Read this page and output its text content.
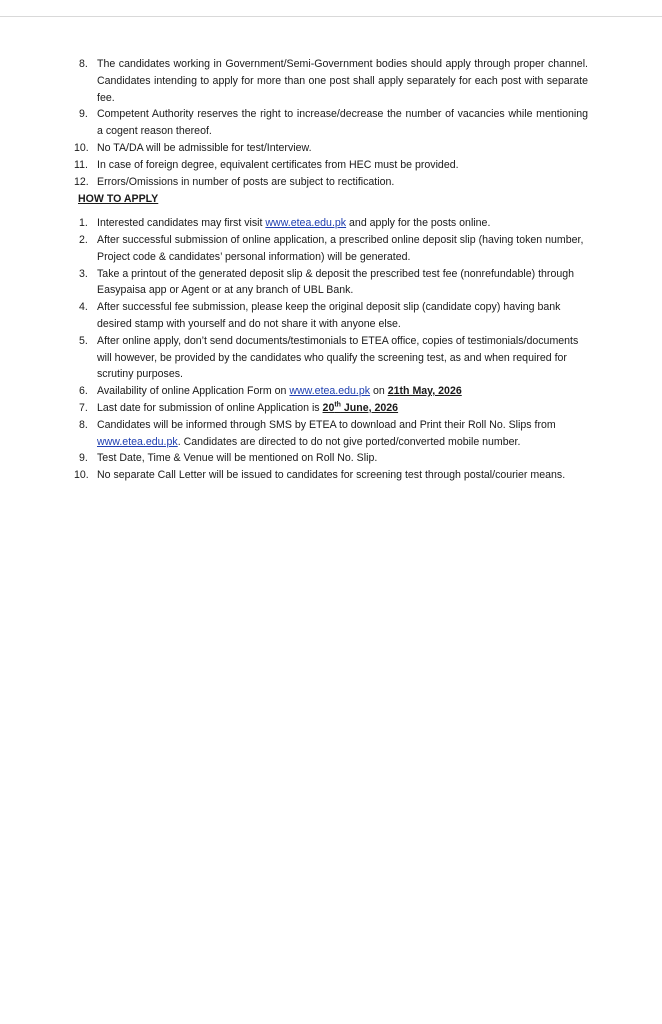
8. The candidates working in Government/Semi-Government bodies should apply through proper channel. Candidates intending to apply for more than one post shall apply separately for each post with separate fee.
9. Competent Authority reserves the right to increase/decrease the number of vacancies while mentioning a cogent reason thereof.
10. No TA/DA will be admissible for test/Interview.
11. In case of foreign degree, equivalent certificates from HEC must be provided.
12. Errors/Omissions in number of posts are subject to rectification.
HOW TO APPLY
1. Interested candidates may first visit www.etea.edu.pk and apply for the posts online.
2. After successful submission of online application, a prescribed online deposit slip (having token number, Project code & candidates’ personal information) will be generated.
3. Take a printout of the generated deposit slip & deposit the prescribed test fee (nonrefundable) through Easypaisa app or Agent or at any branch of UBL Bank.
4. After successful fee submission, please keep the original deposit slip (candidate copy) having bank desired stamp with yourself and do not share it with anyone else.
5. After online apply, don’t send documents/testimonials to ETEA office, copies of testimonials/documents will however, be provided by the candidates who qualify the screening test, as and when required for scrutiny purposes.
6. Availability of online Application Form on www.etea.edu.pk on 21th May, 2026
7. Last date for submission of online Application is 20th June, 2026
8. Candidates will be informed through SMS by ETEA to download and Print their Roll No. Slips from www.etea.edu.pk. Candidates are directed to do not give ported/converted mobile number.
9. Test Date, Time & Venue will be mentioned on Roll No. Slip.
10. No separate Call Letter will be issued to candidates for screening test through postal/courier means.
